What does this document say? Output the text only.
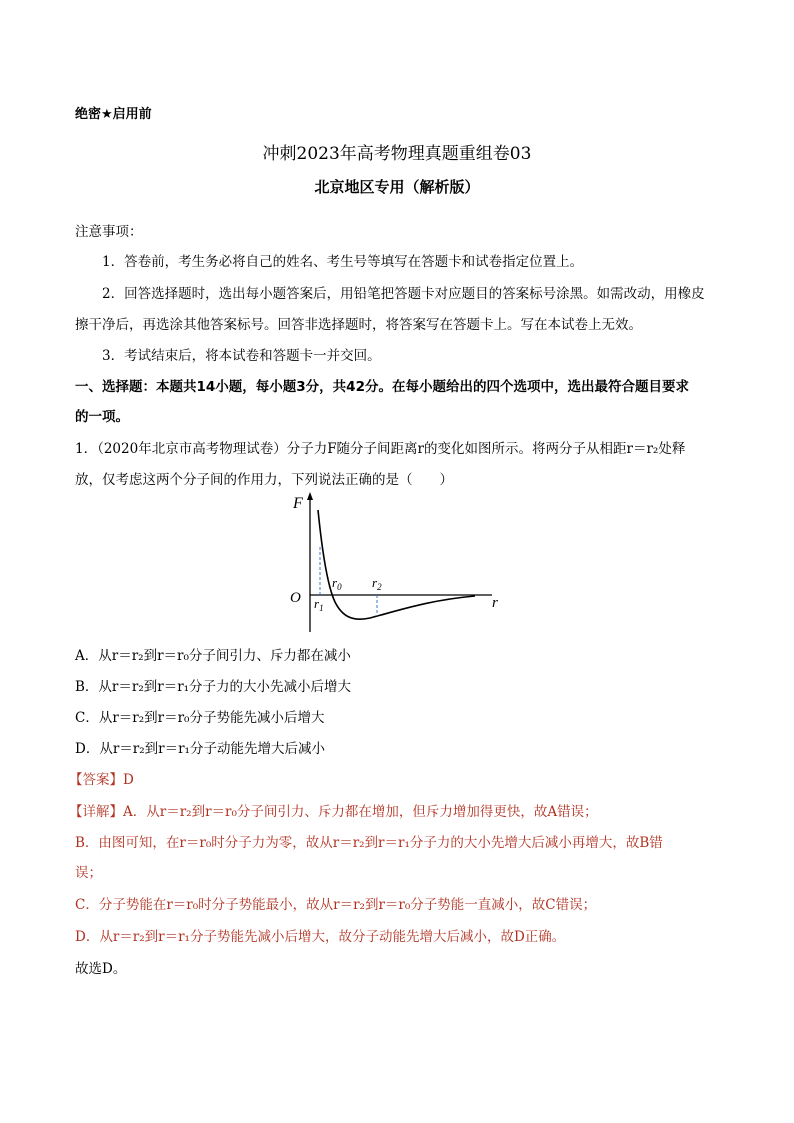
绝密★启用前
冲刺2023年高考物理真题重组卷03
北京地区专用（解析版）
注意事项：
1．答卷前，考生务必将自己的姓名、考生号等填写在答题卡和试卷指定位置上。
2．回答选择题时，选出每小题答案后，用铅笔把答题卡对应题目的答案标号涂黑。如需改动，用橡皮
擦干净后，再选涂其他答案标号。回答非选择题时，将答案写在答题卡上。写在本试卷上无效。
3．考试结束后，将本试卷和答题卡一并交回。
一、选择题：本题共14小题，每小题3分，共42分。在每小题给出的四个选项中，选出最符合题目要求
的一项。
1．（2020年北京市高考物理试卷）分子力F随分子间距离r的变化如图所示。将两分子从相距r＝r₂处释
放，仅考虑这两个分子间的作用力，下列说法正确的是（　　）
F
O	r
$r_0$ $r_2$
$r_1$
A．从r＝r₂到r＝r₀分子间引力、斥力都在减小
B．从r＝r₂到r＝r₁分子力的大小先减小后增大
C．从r＝r₂到r＝r₀分子势能先减小后增大
D．从r＝r₂到r＝r₁分子动能先增大后减小
【答案】D
【详解】A．从r＝r₂到r＝r₀分子间引力、斥力都在增加，但斥力增加得更快，故A错误；
B．由图可知，在r＝r₀时分子力为零，故从r＝r₂到r＝r₁分子力的大小先增大后减小再增大，故B错
误；
C．分子势能在r＝r₀时分子势能最小，故从r＝r₂到r＝r₀分子势能一直减小，故C错误；
D．从r＝r₂到r＝r₁分子势能先减小后增大，故分子动能先增大后减小，故D正确。
故选D。
